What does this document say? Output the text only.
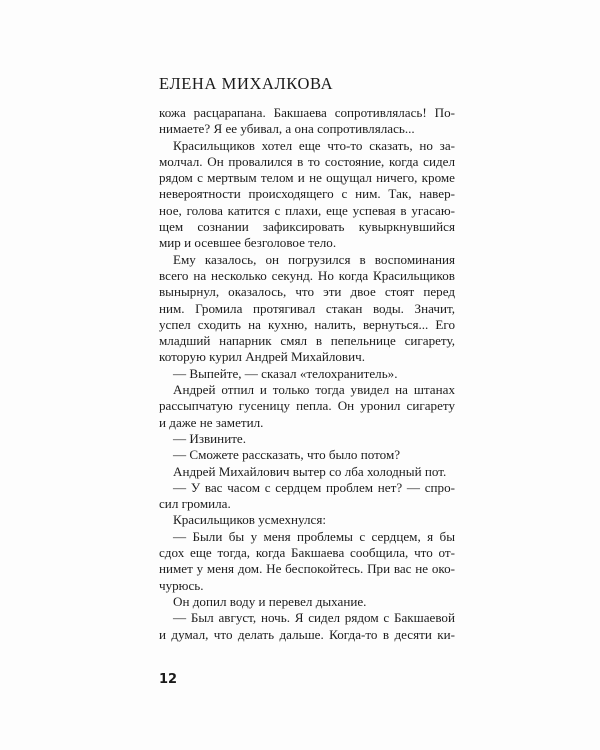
ЕЛЕНА МИХАЛКОВА
кожа расцарапана. Бакшаева сопротивлялась! По-
нимаете? Я ее убивал, а она сопротивлялась...
Красильщиков хотел еще что-то сказать, но за-
молчал. Он провалился в то состояние, когда сидел
рядом с мертвым телом и не ощущал ничего, кроме
невероятности происходящего с ним. Так, навер-
ное, голова катится с плахи, еще успевая в угасаю-
щем сознании зафиксировать кувыркнувшийся
мир и осевшее безголовое тело.
Ему казалось, он погрузился в воспоминания
всего на несколько секунд. Но когда Красильщиков
вынырнул, оказалось, что эти двое стоят перед
ним. Громила протягивал стакан воды. Значит,
успел сходить на кухню, налить, вернуться... Его
младший напарник смял в пепельнице сигарету,
которую курил Андрей Михайлович.
— Выпейте, — сказал «телохранитель».
Андрей отпил и только тогда увидел на штанах
рассыпчатую гусеницу пепла. Он уронил сигарету
и даже не заметил.
— Извините.
— Сможете рассказать, что было потом?
Андрей Михайлович вытер со лба холодный пот.
— У вас часом с сердцем проблем нет? — спро-
сил громила.
Красильщиков усмехнулся:
— Были бы у меня проблемы с сердцем, я бы
сдох еще тогда, когда Бакшаева сообщила, что от-
нимет у меня дом. Не беспокойтесь. При вас не око-
чурюсь.
Он допил воду и перевел дыхание.
— Был август, ночь. Я сидел рядом с Бакшаевой
и думал, что делать дальше. Когда-то в десяти ки-
12
